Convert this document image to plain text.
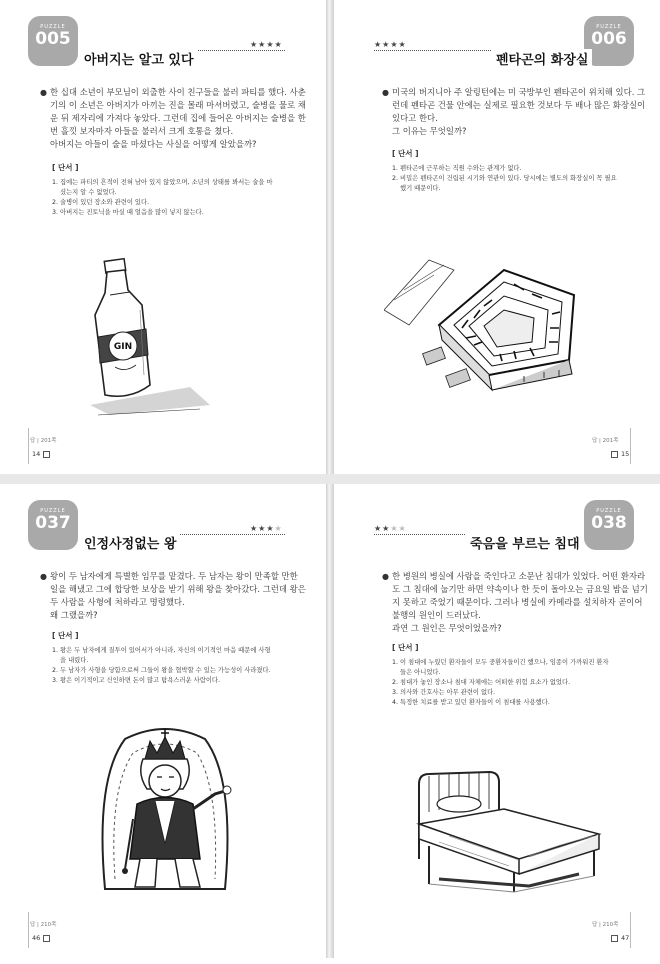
PUZZLE
005
아버지는 알고 있다
★★★★
● 한 십대 소년이 부모님이 외출한 사이 친구들을 불러 파티를 했다. 사춘
기의 이 소년은 아버지가 아끼는 진을 몰래 마셔버렸고, 술병을 물로 채
운 뒤 제자리에 가져다 놓았다. 그런데 집에 들어온 아버지는 술병을 한
번 흘낏 보자마자 아들을 불러서 크게 호통을 쳤다.
아버지는 아들이 술을 마셨다는 사실을 어떻게 알았을까?
[ 단서 ]
1. 집에는 파티의 흔적이 전혀 남아 있지 않았으며, 소년의 상태를 봐서는 술을 마
셨는지 알 수 없었다.
2. 술병이 있던 장소와 관련이 있다.
3. 아버지는 진토닉을 마실 때 얼음을 많이 넣지 않는다.
GIN
답 | 201쪽
14
PUZZLE
006
★★★★
펜타곤의 화장실
● 미국의 버지니아 주 알링턴에는 미 국방부인 펜타곤이 위치해 있다. 그
런데 펜타곤 건물 안에는 실제로 필요한 것보다 두 배나 많은 화장실이
있다고 한다.
그 이유는 무엇일까?
[ 단서 ]
1. 펜타곤에 근무하는 직원 수와는 관계가 없다.
2. 비밀은 펜타곤이 건립된 시기와 연관이 있다. 당시에는 별도의 화장실이 꼭 필요
했기 때문이다.
답 | 201쪽
15
PUZZLE
037
인정사정없는 왕
★★★★
● 왕이 두 남자에게 특별한 임무를 맡겼다. 두 남자는 왕이 만족할 만한
일을 해냈고 그에 합당한 보상을 받기 위해 왕을 찾아갔다. 그런데 왕은
두 사람을 사형에 처하라고 명령했다.
왜 그랬을까?
[ 단서 ]
1. 왕은 두 남자에게 질투이 있어서가 아니라, 자신의 이기적인 마음 때문에 사형
을 내렸다.
2. 두 남자가 사형을 당함으로써 그들이 왕을 협박할 수 있는 가능성이 사라졌다.
3. 왕은 이기적이고 신인하면 돈이 많고 탐욕스러운 사람이다.
답 | 210쪽
46
PUZZLE
038
★★★★
죽음을 부르는 침대
● 한 병원의 병실에 사람을 죽인다고 소문난 침대가 있었다. 어떤 환자라
도 그 침대에 눕기만 하면 약속이나 한 듯이 돌아오는 금요일 밤을 넘기
지 못하고 죽었기 때문이다. 그러나 병실에 카메라를 설치하자 곧이어
불행의 원인이 드러났다.
과연 그 원인은 무엇이었을까?
[ 단서 ]
1. 이 침대에 누웠던 환자들이 모두 중환자들이긴 했으나, 임종이 가까워진 환자
들은 아니었다.
2. 침대가 놓인 장소나 침대 자체에는 어떠한 위험 요소가 없었다.
3. 의사와 간호사는 아무 관련이 없다.
4. 특정한 치료를 받고 있던 환자들이 이 침대를 사용했다.
답 | 210쪽
47
